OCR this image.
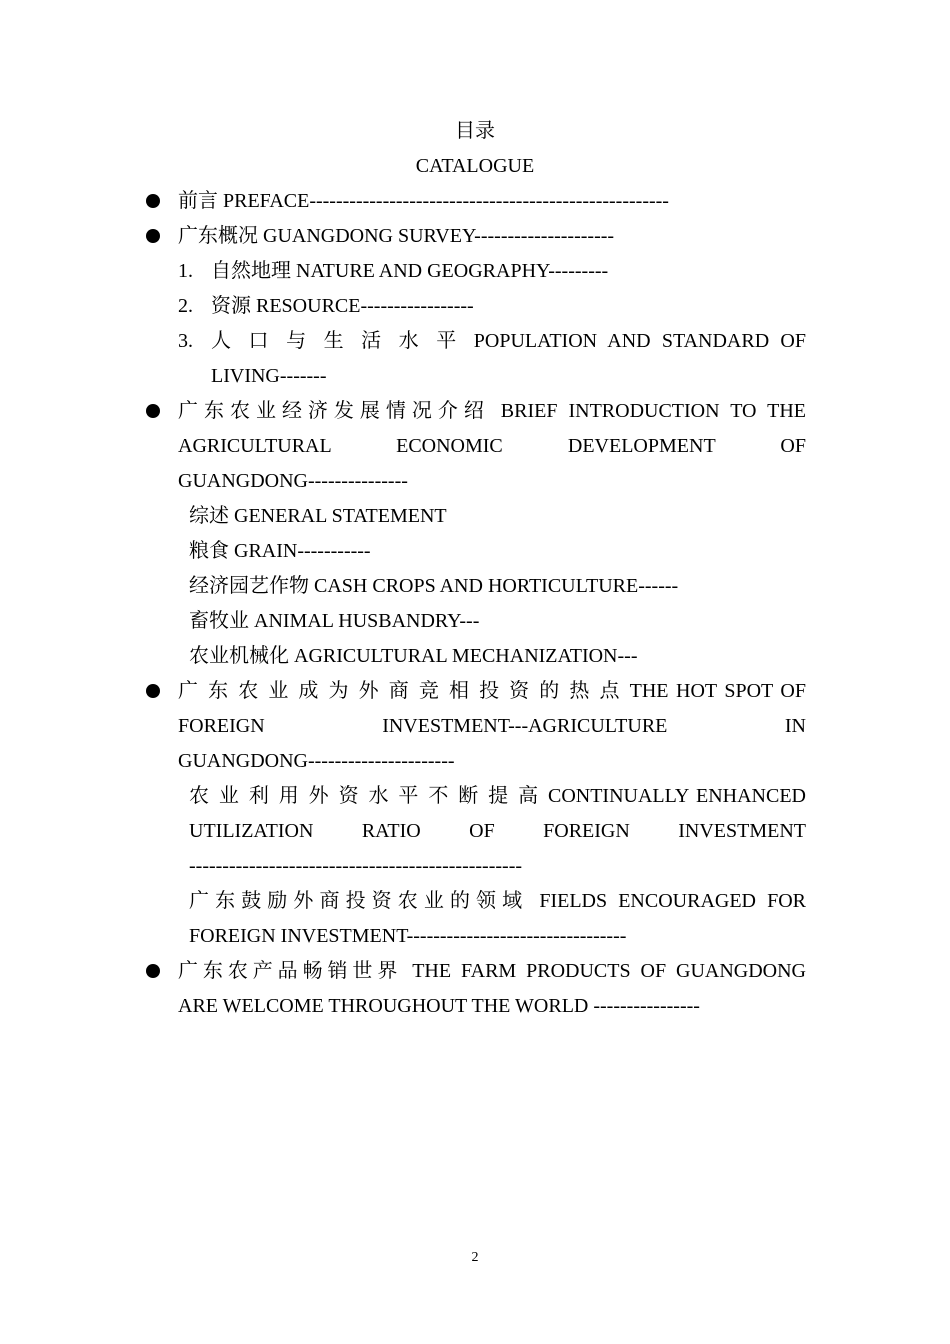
目录
CATALOGUE
前言 PREFACE------------------------------------------------------
广东概况 GUANGDONG SURVEY---------------------
1. 自然地理 NATURE AND GEOGRAPHY---------
2. 资源 RESOURCE-----------------
3. 人 口 与 生 活 水 平 POPULATION AND STANDARD OF
LIVING-------
广东农业经济发展情况介绍 BRIEF INTRODUCTION TO THE
AGRICULTURAL ECONOMIC DEVELOPMENT OF
GUANGDONG---------------
综述 GENERAL STATEMENT
粮食 GRAIN-----------
经济园艺作物 CASH CROPS AND HORTICULTURE------
畜牧业 ANIMAL HUSBANDRY---
农业机械化 AGRICULTURAL MECHANIZATION---
广 东 农 业 成 为 外 商 竞 相 投 资 的 热 点 THE HOT SPOT OF
FOREIGN INVESTMENT---AGRICULTURE IN
GUANGDONG----------------------
农 业 利 用 外 资 水 平 不 断 提 高 CONTINUALLY ENHANCED
UTILIZATION RATIO OF FOREIGN INVESTMENT
--------------------------------------------------
广东鼓励外商投资农业的领域 FIELDS ENCOURAGED FOR
FOREIGN INVESTMENT---------------------------------
广东农产品畅销世界 THE FARM PRODUCTS OF GUANGDONG
ARE WELCOME THROUGHOUT THE WORLD ----------------
2
